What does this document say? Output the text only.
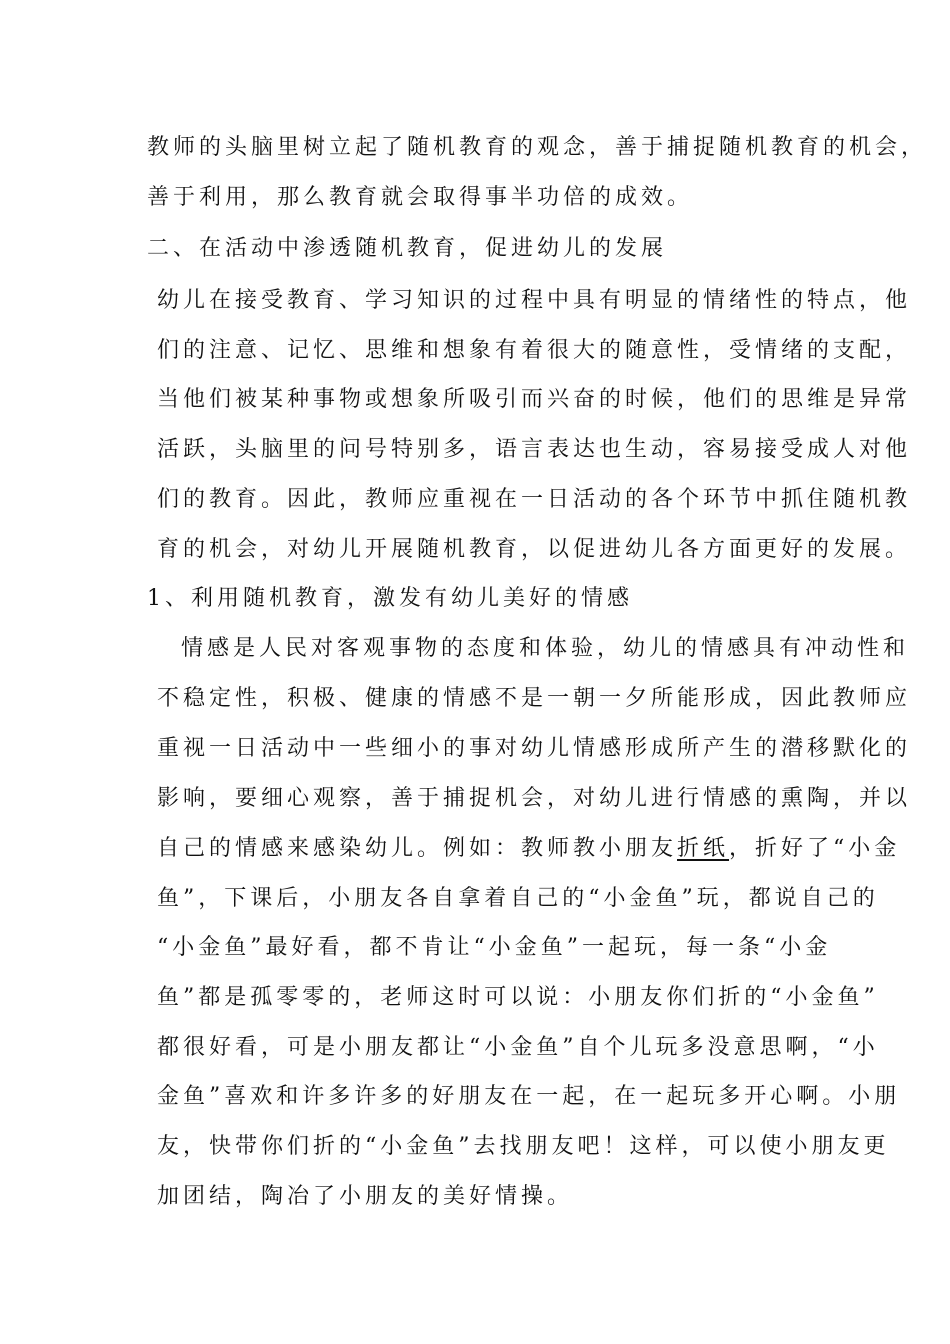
教师的头脑里树立起了随机教育的观念，善于捕捉随机教育的机会，
善于利用，那么教育就会取得事半功倍的成效。
二、在活动中渗透随机教育，促进幼儿的发展
幼儿在接受教育、学习知识的过程中具有明显的情绪性的特点，他
们的注意、记忆、思维和想象有着很大的随意性，受情绪的支配，
当他们被某种事物或想象所吸引而兴奋的时候，他们的思维是异常
活跃，头脑里的问号特别多，语言表达也生动，容易接受成人对他
们的教育。因此，教师应重视在一日活动的各个环节中抓住随机教
育的机会，对幼儿开展随机教育，以促进幼儿各方面更好的发展。
1、利用随机教育，激发有幼儿美好的情感
情感是人民对客观事物的态度和体验，幼儿的情感具有冲动性和
不稳定性，积极、健康的情感不是一朝一夕所能形成，因此教师应
重视一日活动中一些细小的事对幼儿情感形成所产生的潜移默化的
影响，要细心观察，善于捕捉机会，对幼儿进行情感的熏陶，并以
自己的情感来感染幼儿。例如：教师教小朋友折纸，折好了“小金
鱼”，下课后，小朋友各自拿着自己的“小金鱼”玩，都说自己的
“小金鱼”最好看，都不肯让“小金鱼”一起玩，每一条“小金
鱼”都是孤零零的，老师这时可以说：小朋友你们折的“小金鱼”
都很好看，可是小朋友都让“小金鱼”自个儿玩多没意思啊，“小
金鱼”喜欢和许多许多的好朋友在一起，在一起玩多开心啊。小朋
友，快带你们折的“小金鱼”去找朋友吧！这样，可以使小朋友更
加团结，陶冶了小朋友的美好情操。
